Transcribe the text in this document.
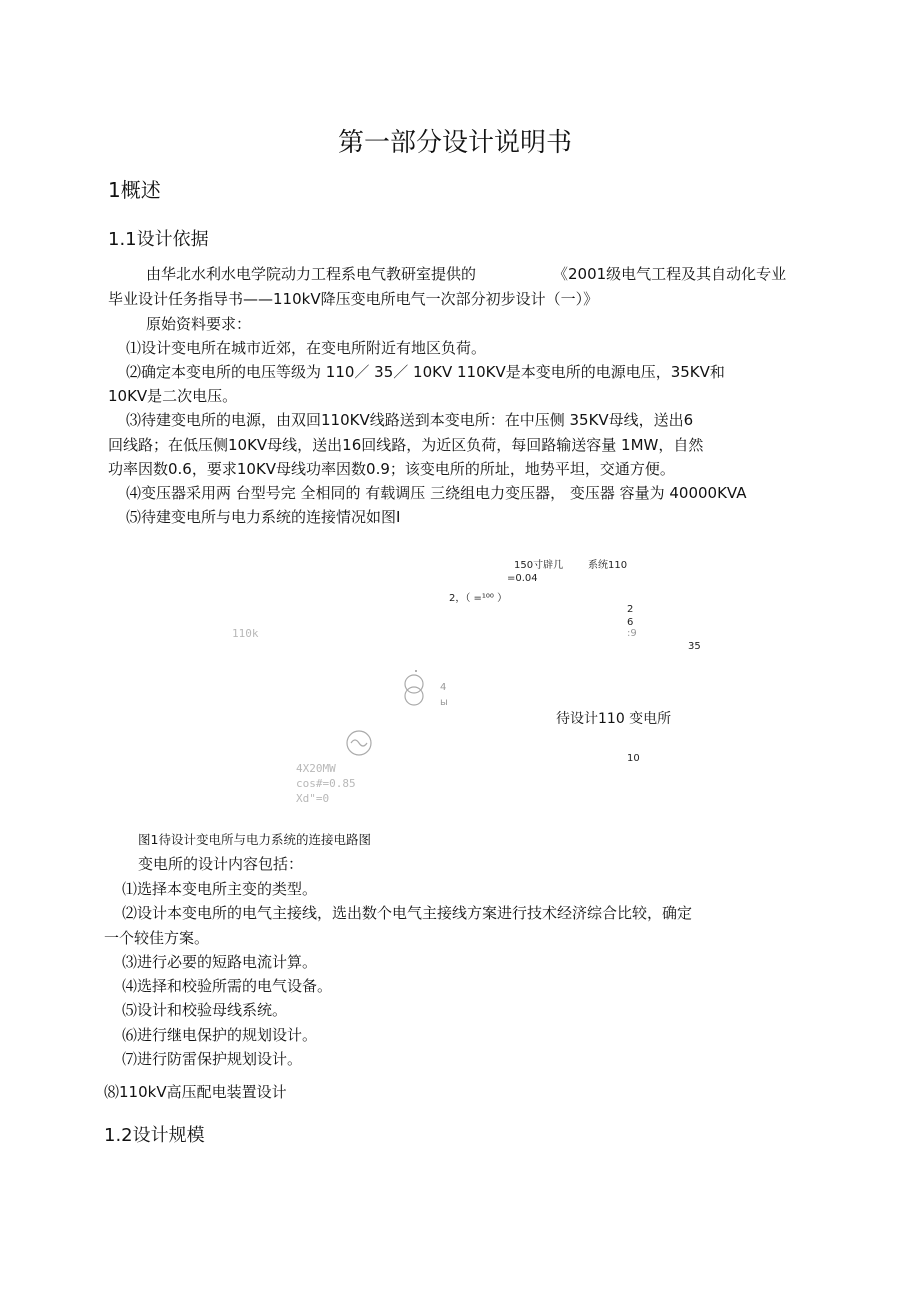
第一部分设计说明书
1概述
1.1设计依据
由华北水利水电学院动力工程系电气教研室提供的	《2001级电气工程及其自动化专业
毕业设计任务指导书——110kV降压变电所电气一次部分初步设计（一）》
原始资料要求：
⑴设计变电所在城市近郊，在变电所附近有地区负荷。
⑵确定本变电所的电压等级为 110／ 35／ 10KV 110KV是本变电所的电源电压，35KV和
10KV是二次电压。
⑶待建变电所的电源，由双回110KV线路送到本变电所：在中压侧 35KV母线，送出6
回线路；在低压侧10KV母线，送出16回线路，为近区负荷，每回路输送容量 1MW，自然
功率因数0.6，要求10KV母线功率因数0.9；该变电所的所址，地势平坦，交通方便。
⑷变压器采用两 台型号完 全相同的 有载调压 三绕组电力变压器， 变压器 容量为 40000KVA
⑸待建变电所与电力系统的连接情况如图I
150寸辟几 系统110
=0.04
2，（ =¹⁰⁰ ）
110k
2
6
:9
35
4
ы
待设计110 变电所
10
4X20MW
cos#=0.85
Xd"=0
图1待设计变电所与电力系统的连接电路图
变电所的设计内容包括：
⑴选择本变电所主变的类型。
⑵设计本变电所的电气主接线，选出数个电气主接线方案进行技术经济综合比较，确定
一个较佳方案。
⑶进行必要的短路电流计算。
⑷选择和校验所需的电气设备。
⑸设计和校验母线系统。
⑹进行继电保护的规划设计。
⑺进行防雷保护规划设计。
⑻110kV高压配电装置设计
1.2设计规模
